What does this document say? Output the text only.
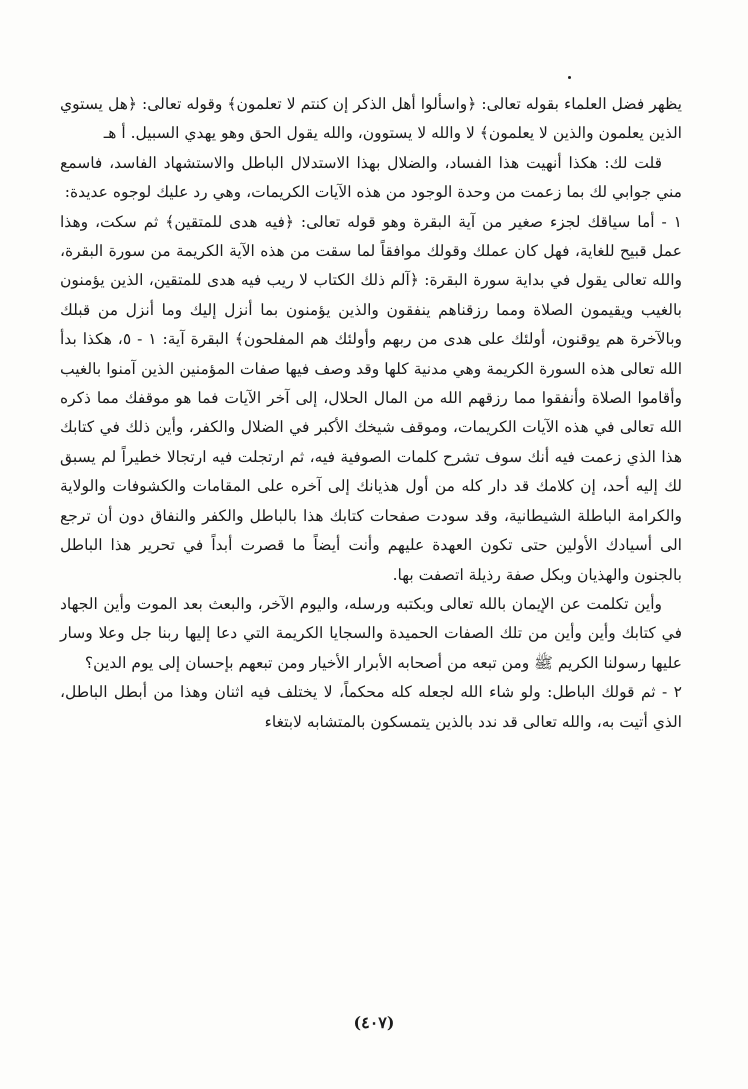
يظهر فضل العلماء بقوله تعالى: ﴿واسألوا أهل الذكر إن كنتم لا تعلمون﴾ وقوله تعالى: ﴿هل يستوي الذين يعلمون والذين لا يعلمون﴾ لا والله لا يستوون، والله يقول الحق وهو يهدي السبيل. أ هـ

قلت لك: هكذا أنهيت هذا الفساد، والضلال بهذا الاستدلال الباطل والاستشهاد الفاسد، فاسمع مني جوابي لك بما زعمت من وحدة الوجود من هذه الآيات الكريمات، وهي رد عليك لوجوه عديدة:

١ - أما سياقك لجزء صغير من آية البقرة وهو قوله تعالى: ﴿فيه هدى للمتقين﴾ ثم سكت، وهذا عمل قبيح للغاية، فهل كان عملك وقولك موافقاً لما سقت من هذه الآية الكريمة من سورة البقرة، والله تعالى يقول في بداية سورة البقرة: ﴿آلم ذلك الكتاب لا ريب فيه هدى للمتقين، الذين يؤمنون بالغيب ويقيمون الصلاة ومما رزقناهم ينفقون والذين يؤمنون بما أنزل إليك وما أنزل من قبلك وبالآخرة هم يوقنون، أولئك على هدى من ربهم وأولئك هم المفلحون﴾ البقرة آية: ١ - ٥، هكذا بدأ الله تعالى هذه السورة الكريمة وهي مدنية كلها وقد وصف فيها صفات المؤمنين الذين آمنوا بالغيب وأقاموا الصلاة وأنفقوا مما رزقهم الله من المال الحلال، إلى آخر الآيات فما هو موقفك مما ذكره الله تعالى في هذه الآيات الكريمات، وموقف شيخك الأكبر في الضلال والكفر، وأين ذلك في كتابك هذا الذي زعمت فيه أنك سوف تشرح كلمات الصوفية فيه، ثم ارتجلت فيه ارتجالا خطيراً لم يسبق لك إليه أحد، إن كلامك قد دار كله من أول هذيانك إلى آخره على المقامات والكشوفات والولاية والكرامة الباطلة الشيطانية، وقد سودت صفحات كتابك هذا بالباطل والكفر والنفاق دون أن ترجع الى أسيادك الأولين حتى تكون العهدة عليهم وأنت أيضاً ما قصرت أبداً في تحرير هذا الباطل بالجنون والهذيان وبكل صفة رذيلة اتصفت بها.

وأين تكلمت عن الإيمان بالله تعالى وبكتبه ورسله، واليوم الآخر، والبعث بعد الموت وأين الجهاد في كتابك وأين وأين من تلك الصفات الحميدة والسجايا الكريمة التي دعا إليها ربنا جل وعلا وسار عليها رسولنا الكريم ﷺ ومن تبعه من أصحابه الأبرار الأخيار ومن تبعهم بإحسان إلى يوم الدين؟

٢ - ثم قولك الباطل: ولو شاء الله لجعله كله محكماً، لا يختلف فيه اثنان وهذا من أبطل الباطل، الذي أتيت به، والله تعالى قد ندد بالذين يتمسكون بالمتشابه لابتغاء

(٤٠٧)
